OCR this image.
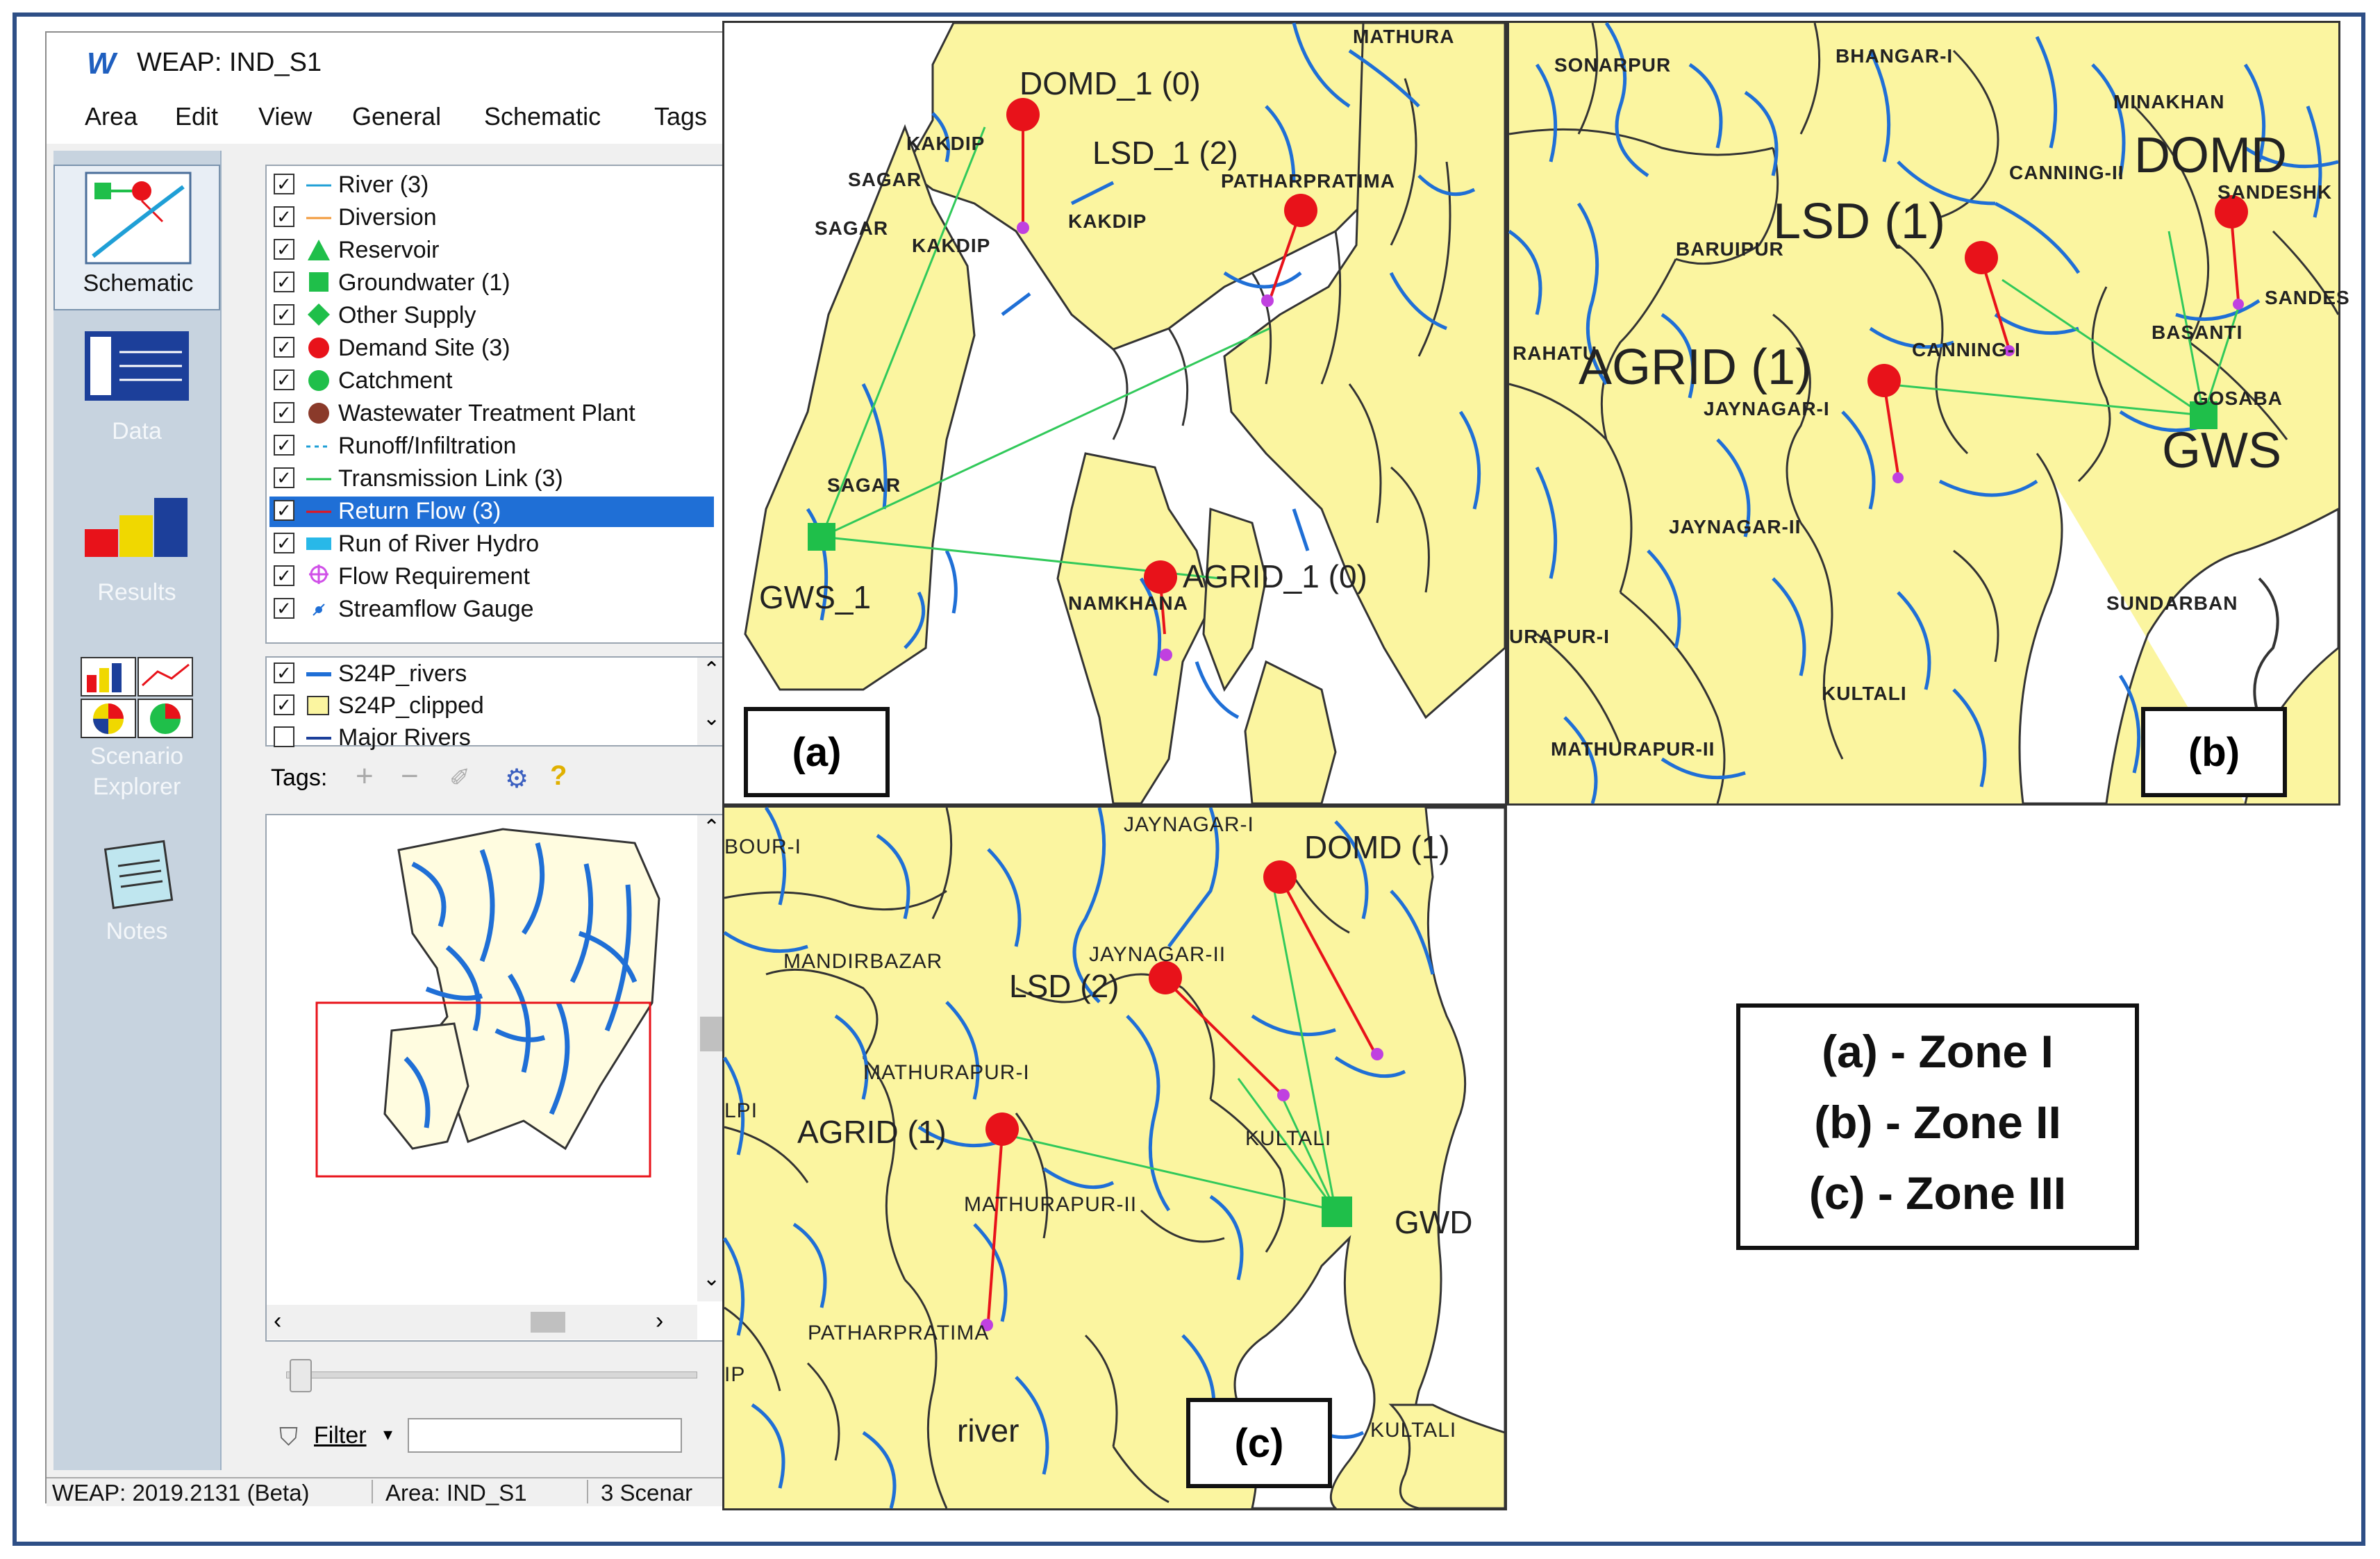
W WEAP: IND_S1
Area Edit View General Schematic Tags
Schematic
Data
Results
Scenario Explorer
Notes
✓ River (3)
✓ Diversion
✓ Reservoir
✓ Groundwater (1)
✓ Other Supply
✓ Demand Site (3)
✓ Catchment
✓ Wastewater Treatment Plant
✓ Runoff/Infiltration
✓ Transmission Link (3)
✓ Return Flow (3)
✓ Run of River Hydro
✓ Flow Requirement
✓ Streamflow Gauge
✓ S24P_rivers
✓ S24P_clipped
Major Rivers
⌃
⌄
Tags: + − ✐ ⚙ ?
⌃
⌄
‹	›
⛉ Filter ▾
WEAP: 2019.2131 (Beta)	Area: IND_S1	3 Scenar
MATHURA
KAKDIP
SAGAR
SAGAR
KAKDIP
KAKDIP
PATHARPRATIMA
SAGAR
NAMKHANA
DOMD_1 (0)
LSD_1 (2)
AGRID_1 (0)
GWS_1
(a)
SONARPUR	BHANGAR-I
MINAKHAN
CANNING-II
SANDESHK
BARUIPUR
SANDES
BASANTI
RAHATU	CANNING-I
JAYNAGAR-I	GOSABA
JAYNAGAR-II
SUNDARBAN
URAPUR-I
KULTALI
MATHURAPUR-II
DOMD
LSD (1)
AGRID (1)
GWS
(b)
BOUR-I
JAYNAGAR-I
MANDIRBAZAR	JAYNAGAR-II
MATHURAPUR-I
LPI
KULTALI
MATHURAPUR-II
PATHARPRATIMA
IP
KULTALI
DOMD (1)
LSD (2)
AGRID (1)
GWD
river	(c)
(a) - Zone I
(b) - Zone II
(c) - Zone III
